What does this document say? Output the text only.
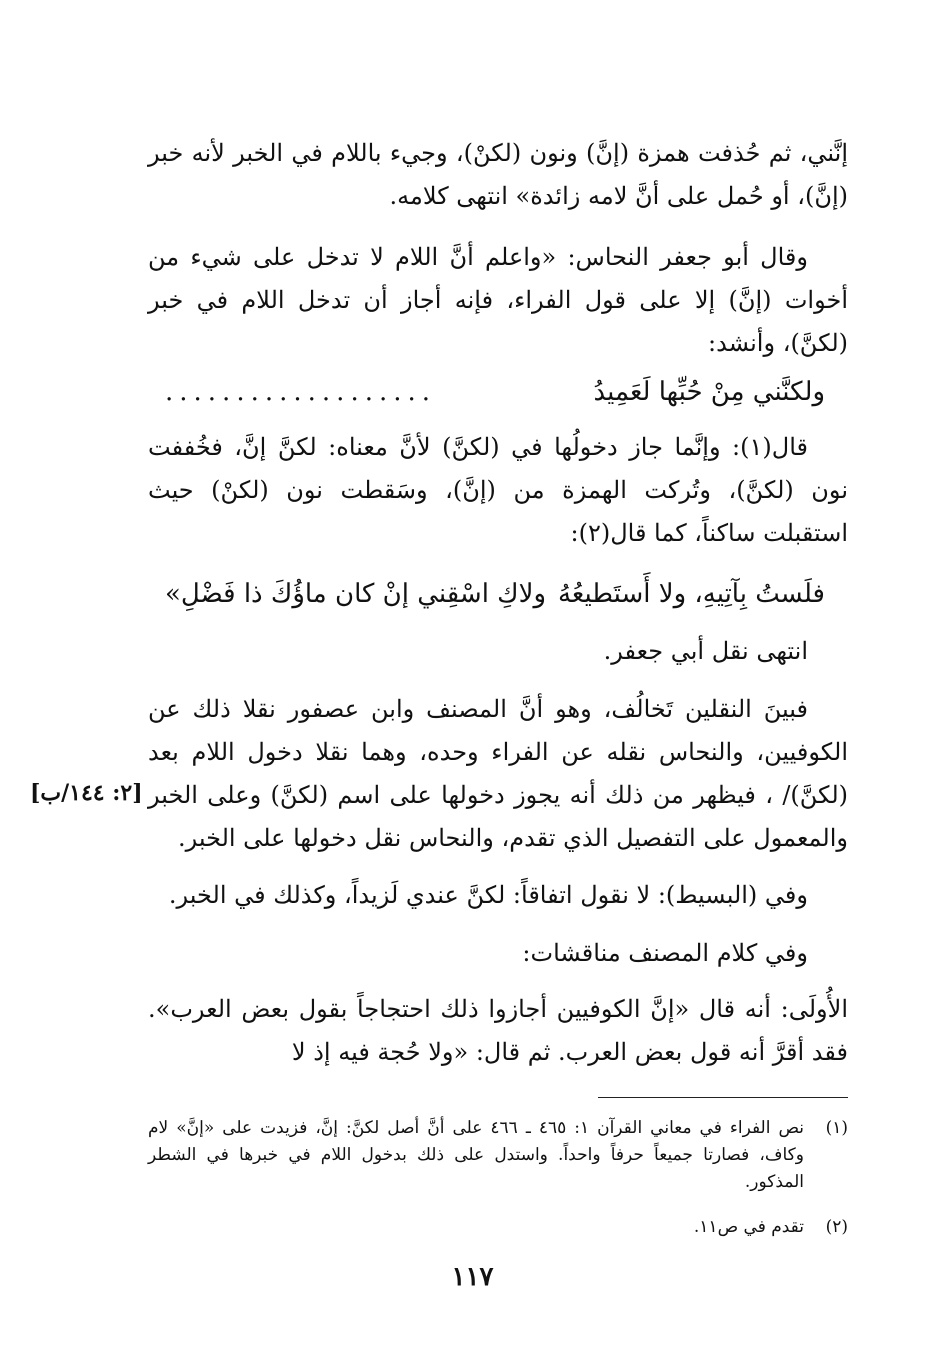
إنَّني، ثم حُذفت همزة (إنَّ) ونون (لكنْ)، وجيء باللام في الخبر لأنه خبر (إنَّ)، أو حُمل على أنَّ لامه زائدة» انتهى كلامه.
وقال أبو جعفر النحاس: «واعلم أنَّ اللام لا تدخل على شيء من أخوات (إنَّ) إلا على قول الفراء، فإنه أجاز أن تدخل اللام في خبر (لكنَّ)، وأنشد:
ولكنَّني مِنْ حُبِّها لَعَمِيدُ
...................
قال(١): وإنَّما جاز دخولُها في (لكنَّ) لأنَّ معناه: لكنَّ إنَّ، فخُففت نون (لكنَّ)، وتُركت الهمزة من (إنَّ)، وسَقطت نون (لكنْ) حيث استقبلت ساكناً، كما قال(٢):
فلَستُ بِآتِيهِ، ولا أَستَطيعُهُ
ولاكِ اسْقِني إنْ كان ماؤُكَ ذا فَضْلِ»
انتهى نقل أبي جعفر.
فبينَ النقلين تَخالُف، وهو أنَّ المصنف وابن عصفور نقلا ذلك عن الكوفيين، والنحاس نقله عن الفراء وحده، وهما نقلا دخول اللام بعد (لكنَّ)/ ، فيظهر من ذلك أنه يجوز دخولها على اسم (لكنَّ) وعلى الخبر والمعمول على التفصيل الذي تقدم، والنحاس نقل دخولها على الخبر.
[٢: ١٤٤/ب]
وفي (البسيط): لا نقول اتفاقاً: لكنَّ عندي لَزيداً، وكذلك في الخبر.
وفي كلام المصنف مناقشات:
الأُولَى: أنه قال «إنَّ الكوفيين أجازوا ذلك احتجاجاً بقول بعض العرب». فقد أقرَّ أنه قول بعض العرب. ثم قال: «ولا حُجة فيه إذ لا
(١)
نص الفراء في معاني القرآن ١: ٤٦٥ ـ ٤٦٦ على أنَّ أصل لكنَّ: إنَّ، فزيدت على «إنَّ» لام وكاف، فصارتا جميعاً حرفاً واحداً. واستدل على ذلك بدخول اللام في خبرها في الشطر المذكور.
(٢)
تقدم في ص١١.
١١٧
